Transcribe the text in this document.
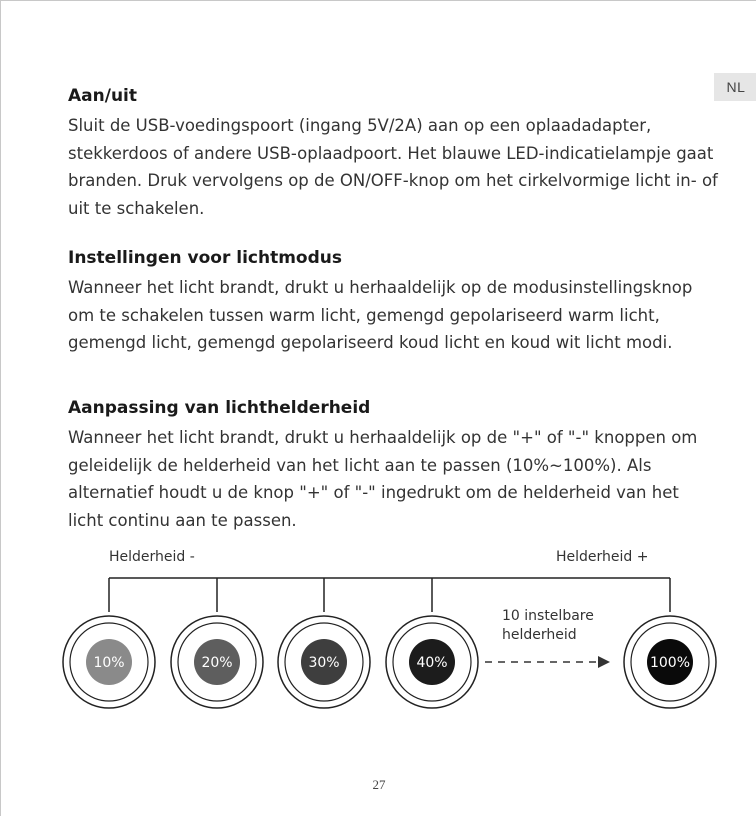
NL
Aan/uit

Sluit de USB-voedingspoort (ingang 5V/2A) aan op een oplaadadapter,
stekkerdoos of andere USB-oplaadpoort. Het blauwe LED-indicatielampje gaat
branden. Druk vervolgens op de ON/OFF-knop om het cirkelvormige licht in- of
uit te schakelen.

Instellingen voor lichtmodus

Wanneer het licht brandt, drukt u herhaaldelijk op de modusinstellingsknop
om te schakelen tussen warm licht, gemengd gepolariseerd warm licht,
gemengd licht, gemengd gepolariseerd koud licht en koud wit licht modi.

Aanpassing van lichthelderheid

Wanneer het licht brandt, drukt u herhaaldelijk op de "+" of "-" knoppen om
geleidelijk de helderheid van het licht aan te passen (10%~100%). Als
alternatief houdt u de knop "+" of "-" ingedrukt om de helderheid van het
licht continu aan te passen.

Helderheid -	Helderheid +
10%	20%	30%	40%
10 instelbare
helderheid
100%
27
